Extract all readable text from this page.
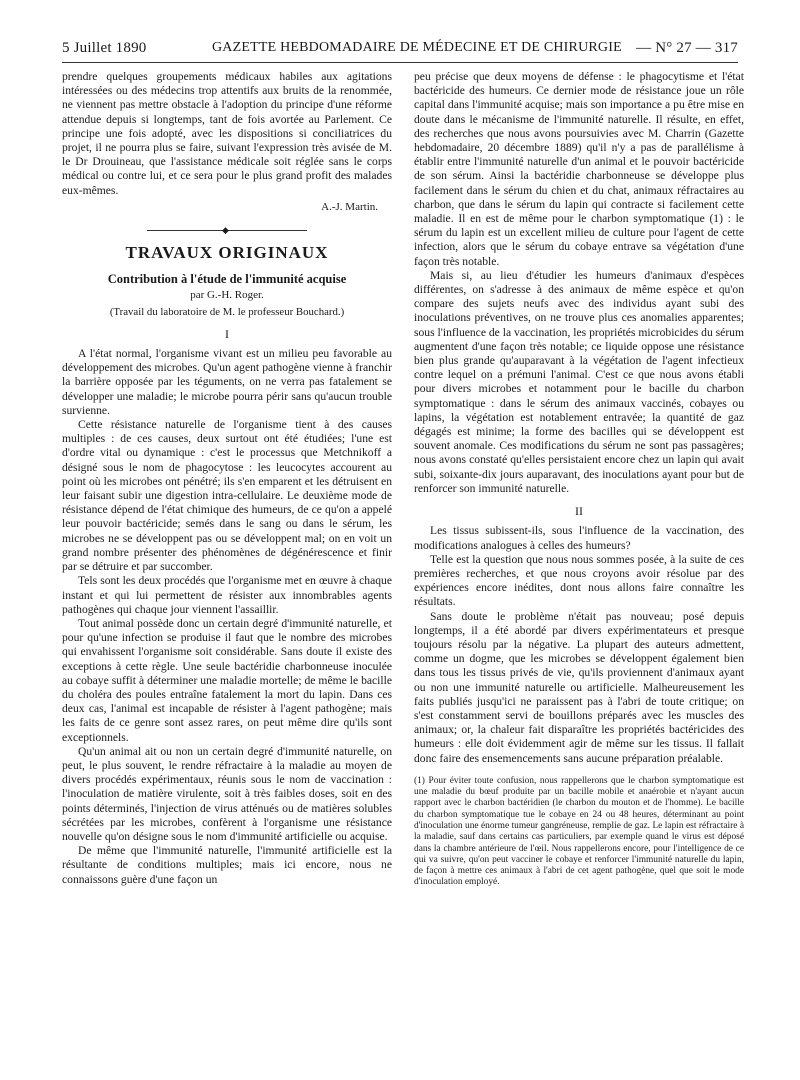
5 Juillet 1890	GAZETTE HEBDOMADAIRE DE MÉDECINE ET DE CHIRURGIE — N° 27 — 317

prendre quelques groupements médicaux habiles aux agitations intéressées ou des médecins trop attentifs aux bruits de la renommée, ne viennent pas mettre obstacle à l'adoption du principe d'une réforme attendue depuis si longtemps, tant de fois avortée au Parlement. Ce principe une fois adopté, avec les dispositions si conciliatrices du projet, il ne pourra plus se faire, suivant l'expression très avisée de M. le Dr Drouineau, que l'assistance médicale soit réglée sans le corps médical ou contre lui, et ce sera pour le plus grand profit des malades eux-mêmes.

A.-J. Martin.
◆
TRAVAUX ORIGINAUX
Contribution à l'étude de l'immunité acquise
par G.-H. Roger.
(Travail du laboratoire de M. le professeur Bouchard.)
I

A l'état normal, l'organisme vivant est un milieu peu favorable au développement des microbes. Qu'un agent pathogène vienne à franchir la barrière opposée par les téguments, on ne verra pas fatalement se développer une maladie; le microbe pourra périr sans qu'aucun trouble survienne.

Cette résistance naturelle de l'organisme tient à des causes multiples : de ces causes, deux surtout ont été étudiées; l'une est d'ordre vital ou dynamique : c'est le processus que Metchnikoff a désigné sous le nom de phagocytose : les leucocytes accourent au point où les microbes ont pénétré; ils s'en emparent et les détruisent en leur faisant subir une digestion intra-cellulaire. Le deuxième mode de résistance dépend de l'état chimique des humeurs, de ce qu'on a appelé leur pouvoir bactéricide; semés dans le sang ou dans le sérum, les microbes ne se développent pas ou se développent mal; on en voit un grand nombre présenter des phénomènes de dégénérescence et finir par se détruire et par succomber.

Tels sont les deux procédés que l'organisme met en œuvre à chaque instant et qui lui permettent de résister aux innombrables agents pathogènes qui chaque jour viennent l'assaillir.

Tout animal possède donc un certain degré d'immunité naturelle, et pour qu'une infection se produise il faut que le nombre des microbes qui envahissent l'organisme soit considérable. Sans doute il existe des exceptions à cette règle. Une seule bactéridie charbonneuse inoculée au cobaye suffit à déterminer une maladie mortelle; de même le bacille du choléra des poules entraîne fatalement la mort du lapin. Dans ces deux cas, l'animal est incapable de résister à l'agent pathogène; mais les faits de ce genre sont assez rares, on peut même dire qu'ils sont exceptionnels.

Qu'un animal ait ou non un certain degré d'immunité naturelle, on peut, le plus souvent, le rendre réfractaire à la maladie au moyen de divers procédés expérimentaux, réunis sous le nom de vaccination : l'inoculation de matière virulente, soit à très faibles doses, soit en des points déterminés, l'injection de virus atténués ou de matières solubles sécrétées par les microbes, confèrent à l'organisme une résistance nouvelle qu'on désigne sous le nom d'immunité artificielle ou acquise.

De même que l'immunité naturelle, l'immunité artificielle est la résultante de conditions multiples; mais ici encore, nous ne connaissons guère d'une façon un

peu précise que deux moyens de défense : le phagocytisme et l'état bactéricide des humeurs. Ce dernier mode de résistance joue un rôle capital dans l'immunité acquise; mais son importance a pu être mise en doute dans le mécanisme de l'immunité naturelle. Il résulte, en effet, des recherches que nous avons poursuivies avec M. Charrin (Gazette hebdomadaire, 20 décembre 1889) qu'il n'y a pas de parallélisme à établir entre l'immunité naturelle d'un animal et le pouvoir bactéricide de son sérum. Ainsi la bactéridie charbonneuse se développe plus facilement dans le sérum du chien et du chat, animaux réfractaires au charbon, que dans le sérum du lapin qui contracte si facilement cette maladie. Il en est de même pour le charbon symptomatique (1) : le sérum du lapin est un excellent milieu de culture pour l'agent de cette infection, alors que le sérum du cobaye entrave sa végétation d'une façon très notable.

Mais si, au lieu d'étudier les humeurs d'animaux d'espèces différentes, on s'adresse à des animaux de même espèce et qu'on compare des sujets neufs avec des individus ayant subi des inoculations préventives, on ne trouve plus ces anomalies apparentes; sous l'influence de la vaccination, les propriétés microbicides du sérum augmentent d'une façon très notable; ce liquide oppose une résistance bien plus grande qu'auparavant à la végétation de l'agent infectieux contre lequel on a prémuni l'animal. C'est ce que nous avons établi pour divers microbes et notamment pour le bacille du charbon symptomatique : dans le sérum des animaux vaccinés, cobayes ou lapins, la végétation est notablement entravée; la quantité de gaz dégagés est minime; la forme des bacilles qui se développent est souvent anomale. Ces modifications du sérum ne sont pas passagères; nous avons constaté qu'elles persistaient encore chez un lapin qui avait subi, soixante-dix jours auparavant, des inoculations ayant pour but de renforcer son immunité naturelle.

II

Les tissus subissent-ils, sous l'influence de la vaccination, des modifications analogues à celles des humeurs?

Telle est la question que nous nous sommes posée, à la suite de ces premières recherches, et que nous croyons avoir résolue par des expériences encore inédites, dont nous allons faire connaître les résultats.

Sans doute le problème n'était pas nouveau; posé depuis longtemps, il a été abordé par divers expérimentateurs et presque toujours résolu par la négative. La plupart des auteurs admettent, comme un dogme, que les microbes se développent également bien dans tous les tissus privés de vie, qu'ils proviennent d'animaux ayant ou non une immunité naturelle ou artificielle. Malheureusement les faits publiés jusqu'ici ne paraissent pas à l'abri de toute critique; on s'est constamment servi de bouillons préparés avec les muscles des animaux; or, la chaleur fait disparaître les propriétés bactéricides des humeurs : elle doit évidemment agir de même sur les tissus. Il fallait donc faire des ensemencements sans aucune préparation préalable.

(1) Pour éviter toute confusion, nous rappellerons que le charbon symptomatique est une maladie du bœuf produite par un bacille mobile et anaérobie et n'ayant aucun rapport avec le charbon bactéridien (le charbon du mouton et de l'homme). Le bacille du charbon symptomatique tue le cobaye en 24 ou 48 heures, déterminant au point d'inoculation une énorme tumeur gangréneuse, remplie de gaz. Le lapin est réfractaire à la maladie, sauf dans certains cas particuliers, par exemple quand le virus est déposé dans la chambre antérieure de l'œil. Nous rappellerons encore, pour l'intelligence de ce qui va suivre, qu'on peut vacciner le cobaye et renforcer l'immunité naturelle du lapin, de façon à mettre ces animaux à l'abri de cet agent pathogène, quel que soit le mode d'inoculation employé.
